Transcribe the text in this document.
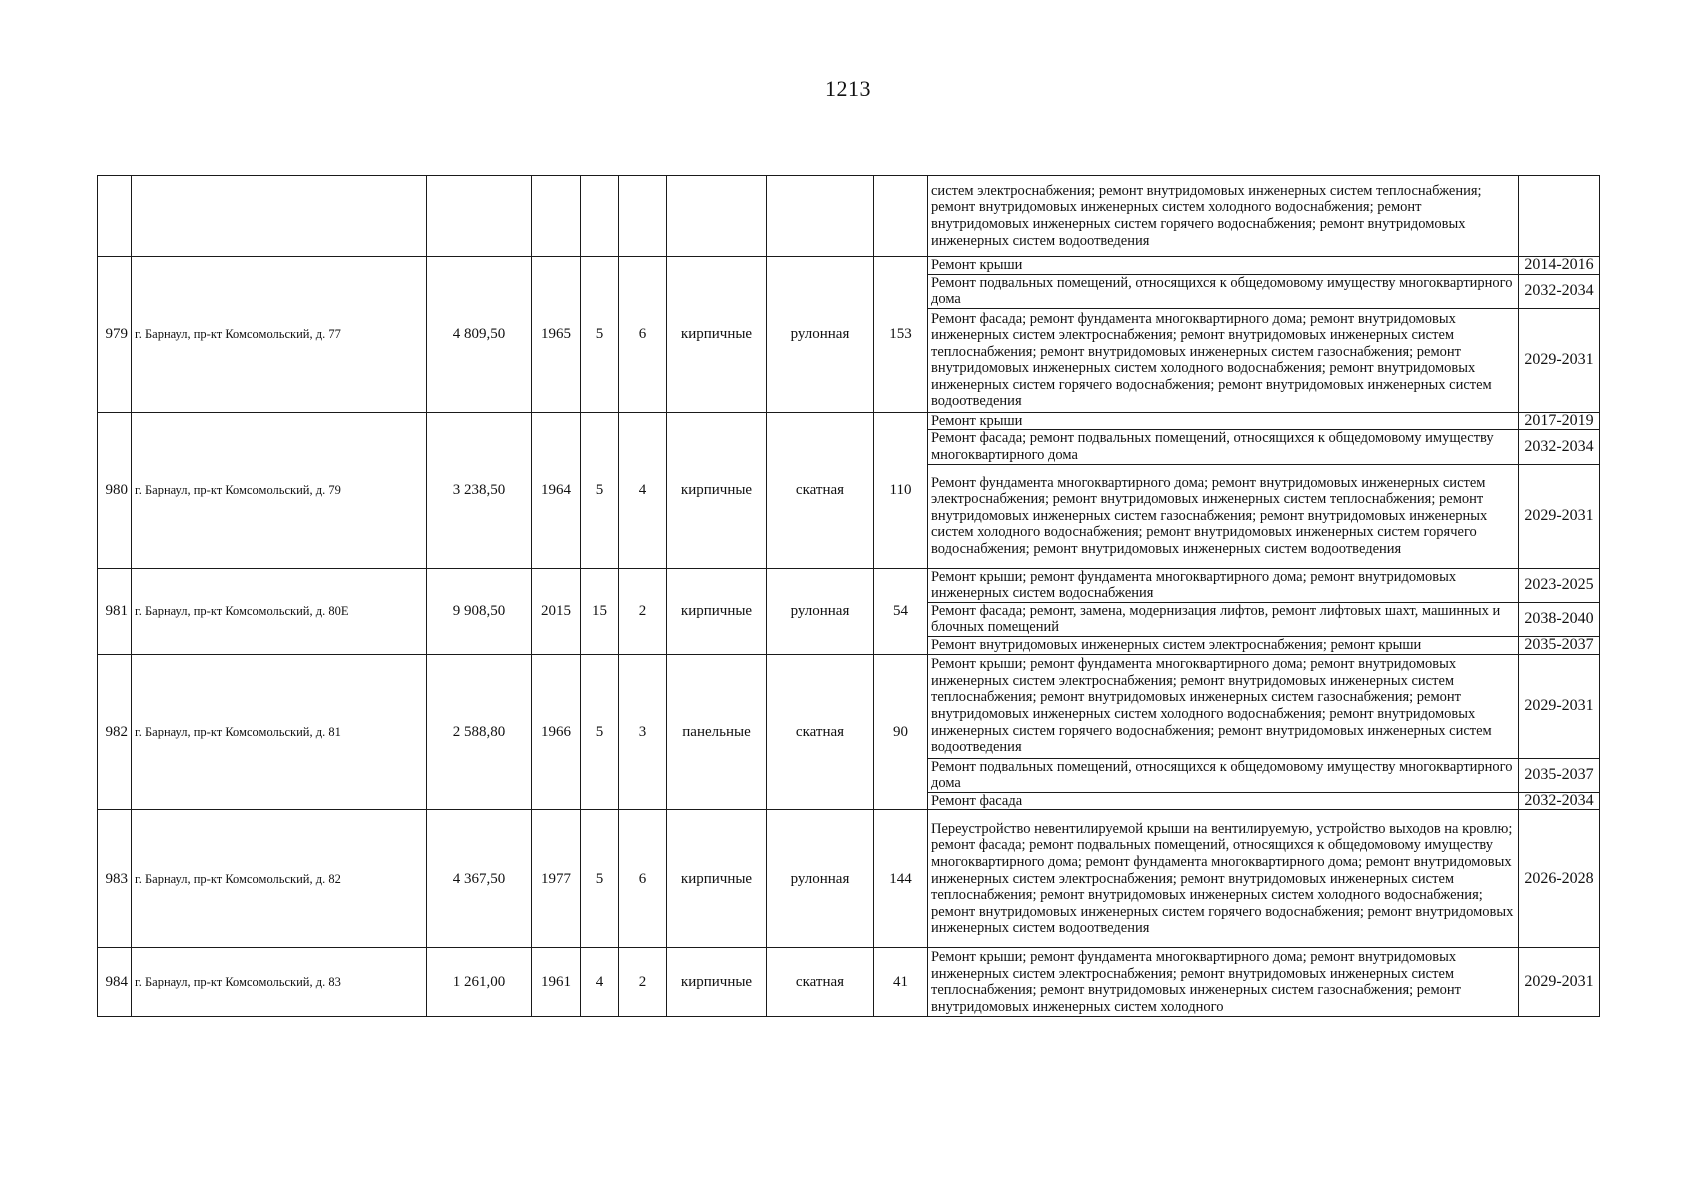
1213
									систем электроснабжения; ремонт внутридомовых инженерных систем теплоснабжения; ремонт внутридомовых инженерных систем холодного водоснабжения; ремонт внутридомовых инженерных систем горячего водоснабжения; ремонт внутридомовых инженерных систем водоотведения	
979	г. Барнаул, пр-кт Комсомольский, д. 77	4 809,50	1965	5	6	кирпичные	рулонная	153	Ремонт крыши	2014-2016
									Ремонт подвальных помещений, относящихся к общедомовому имуществу многоквартирного дома	2032-2034
									Ремонт фасада; ремонт фундамента многоквартирного дома; ремонт внутридомовых инженерных систем электроснабжения; ремонт внутридомовых инженерных систем теплоснабжения; ремонт внутридомовых инженерных систем газоснабжения; ремонт внутридомовых инженерных систем холодного водоснабжения; ремонт внутридомовых инженерных систем горячего водоснабжения; ремонт внутридомовых инженерных систем водоотведения	2029-2031
980	г. Барнаул, пр-кт Комсомольский, д. 79	3 238,50	1964	5	4	кирпичные	скатная	110	Ремонт крыши	2017-2019
									Ремонт фасада; ремонт подвальных помещений, относящихся к общедомовому имуществу многоквартирного дома	2032-2034
									Ремонт фундамента многоквартирного дома; ремонт внутридомовых инженерных систем электроснабжения; ремонт внутридомовых инженерных систем теплоснабжения; ремонт внутридомовых инженерных систем газоснабжения; ремонт внутридомовых инженерных систем холодного водоснабжения; ремонт внутридомовых инженерных систем горячего водоснабжения; ремонт внутридомовых инженерных систем водоотведения	2029-2031
981	г. Барнаул, пр-кт Комсомольский, д. 80Е	9 908,50	2015	15	2	кирпичные	рулонная	54	Ремонт крыши; ремонт фундамента многоквартирного дома; ремонт внутридомовых инженерных систем водоснабжения	2023-2025
									Ремонт фасада; ремонт, замена, модернизация лифтов, ремонт лифтовых шахт, машинных и блочных помещений	2038-2040
									Ремонт внутридомовых инженерных систем электроснабжения; ремонт крыши	2035-2037
982	г. Барнаул, пр-кт Комсомольский, д. 81	2 588,80	1966	5	3	панельные	скатная	90	Ремонт крыши; ремонт фундамента многоквартирного дома; ремонт внутридомовых инженерных систем электроснабжения; ремонт внутридомовых инженерных систем теплоснабжения; ремонт внутридомовых инженерных систем газоснабжения; ремонт внутридомовых инженерных систем холодного водоснабжения; ремонт внутридомовых инженерных систем горячего водоснабжения; ремонт внутридомовых инженерных систем водоотведения	2029-2031
									Ремонт подвальных помещений, относящихся к общедомовому имуществу многоквартирного дома	2035-2037
									Ремонт фасада	2032-2034
983	г. Барнаул, пр-кт Комсомольский, д. 82	4 367,50	1977	5	6	кирпичные	рулонная	144	Переустройство невентилируемой крыши на вентилируемую, устройство выходов на кровлю; ремонт фасада; ремонт подвальных помещений, относящихся к общедомовому имуществу многоквартирного дома; ремонт фундамента многоквартирного дома; ремонт внутридомовых инженерных систем электроснабжения; ремонт внутридомовых инженерных систем теплоснабжения; ремонт внутридомовых инженерных систем холодного водоснабжения; ремонт внутридомовых инженерных систем горячего водоснабжения; ремонт внутридомовых инженерных систем водоотведения	2026-2028
984	г. Барнаул, пр-кт Комсомольский, д. 83	1 261,00	1961	4	2	кирпичные	скатная	41	Ремонт крыши; ремонт фундамента многоквартирного дома; ремонт внутридомовых инженерных систем электроснабжения; ремонт внутридомовых инженерных систем теплоснабжения; ремонт внутридомовых инженерных систем газоснабжения; ремонт внутридомовых инженерных систем холодного	2029-2031
